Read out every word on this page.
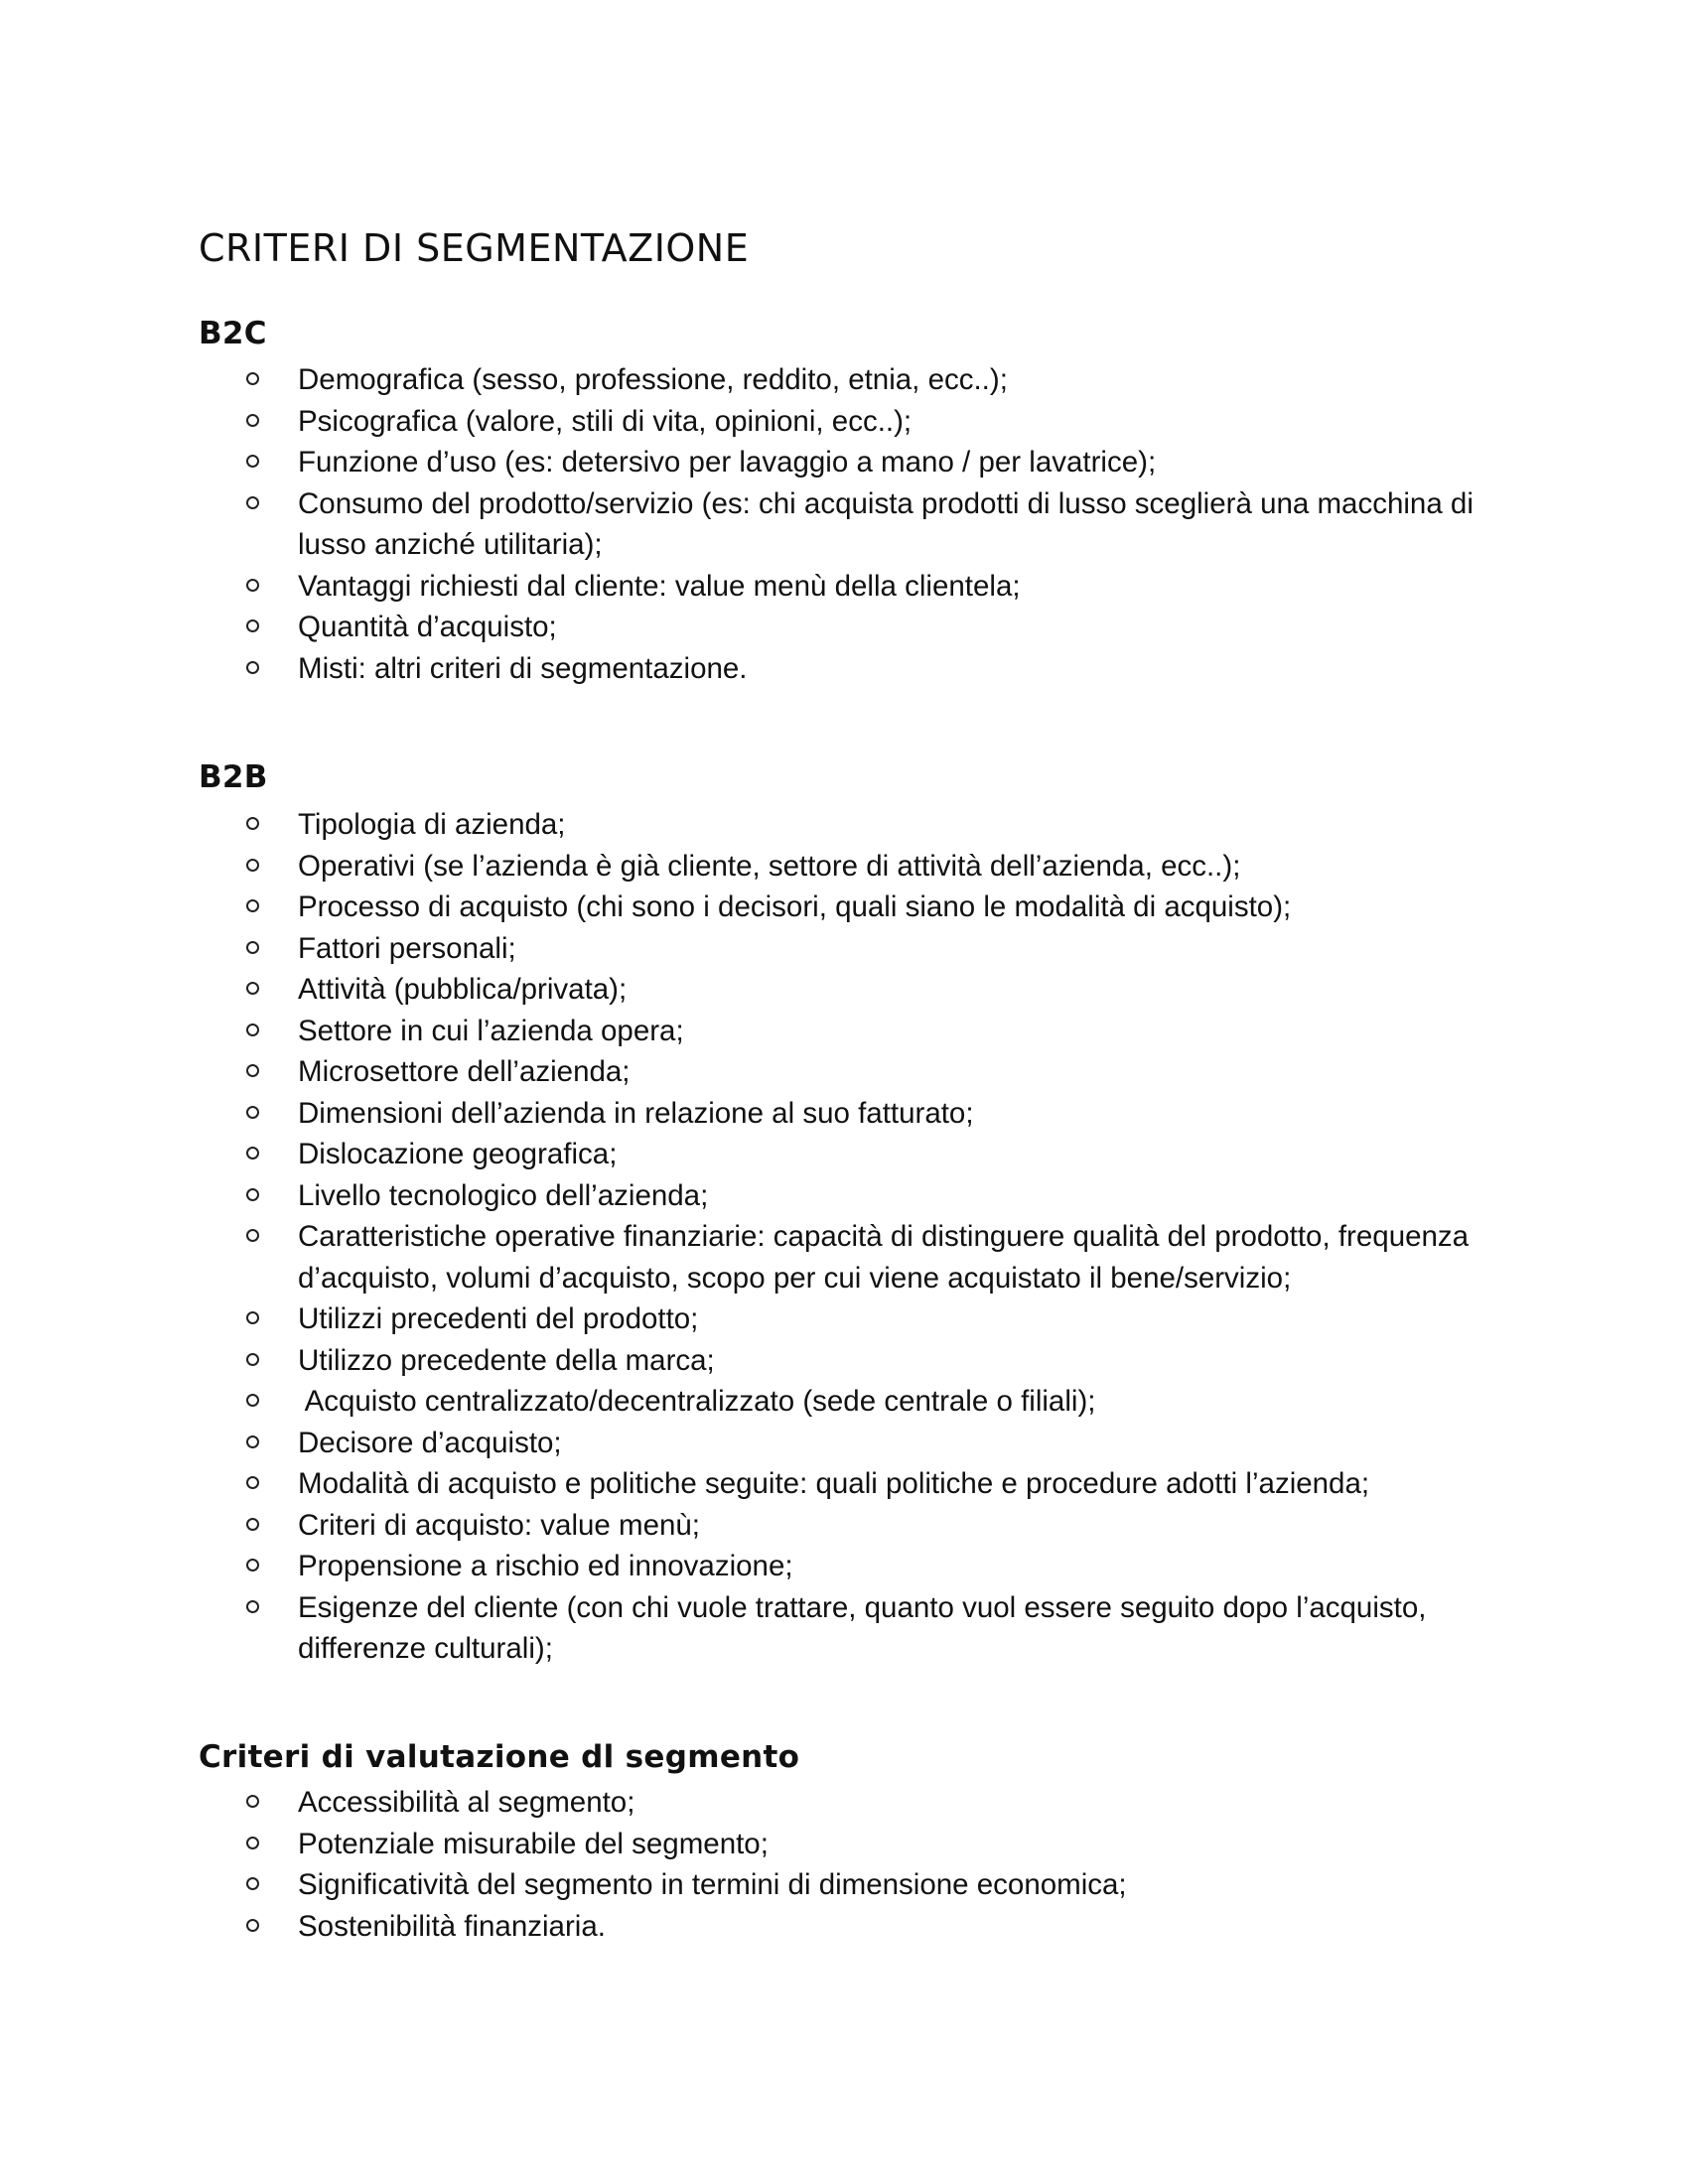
CRITERI DI SEGMENTAZIONE
B2C
Demografica (sesso, professione, reddito, etnia, ecc..);
Psicografica (valore, stili di vita, opinioni, ecc..);
Funzione d’uso (es: detersivo per lavaggio a mano / per lavatrice);
Consumo del prodotto/servizio (es: chi acquista prodotti di lusso sceglierà una macchina di lusso anziché utilitaria);
Vantaggi richiesti dal cliente: value menù della clientela;
Quantità d’acquisto;
Misti: altri criteri di segmentazione.
B2B
Tipologia di azienda;
Operativi (se l’azienda è già cliente, settore di attività dell’azienda, ecc..);
Processo di acquisto (chi sono i decisori, quali siano le modalità di acquisto);
Fattori personali;
Attività (pubblica/privata);
Settore in cui l’azienda opera;
Microsettore dell’azienda;
Dimensioni dell’azienda in relazione al suo fatturato;
Dislocazione geografica;
Livello tecnologico dell’azienda;
Caratteristiche operative finanziarie: capacità di distinguere qualità del prodotto, frequenza d’acquisto, volumi d’acquisto, scopo per cui viene acquistato il bene/servizio;
Utilizzi precedenti del prodotto;
Utilizzo precedente della marca;
Acquisto centralizzato/decentralizzato (sede centrale o filiali);
Decisore d’acquisto;
Modalità di acquisto e politiche seguite: quali politiche e procedure adotti l’azienda;
Criteri di acquisto: value menù;
Propensione a rischio ed innovazione;
Esigenze del cliente (con chi vuole trattare, quanto vuol essere seguito dopo l’acquisto, differenze culturali);
Criteri di valutazione dl segmento
Accessibilità al segmento;
Potenziale misurabile del segmento;
Significatività del segmento in termini di dimensione economica;
Sostenibilità finanziaria.
